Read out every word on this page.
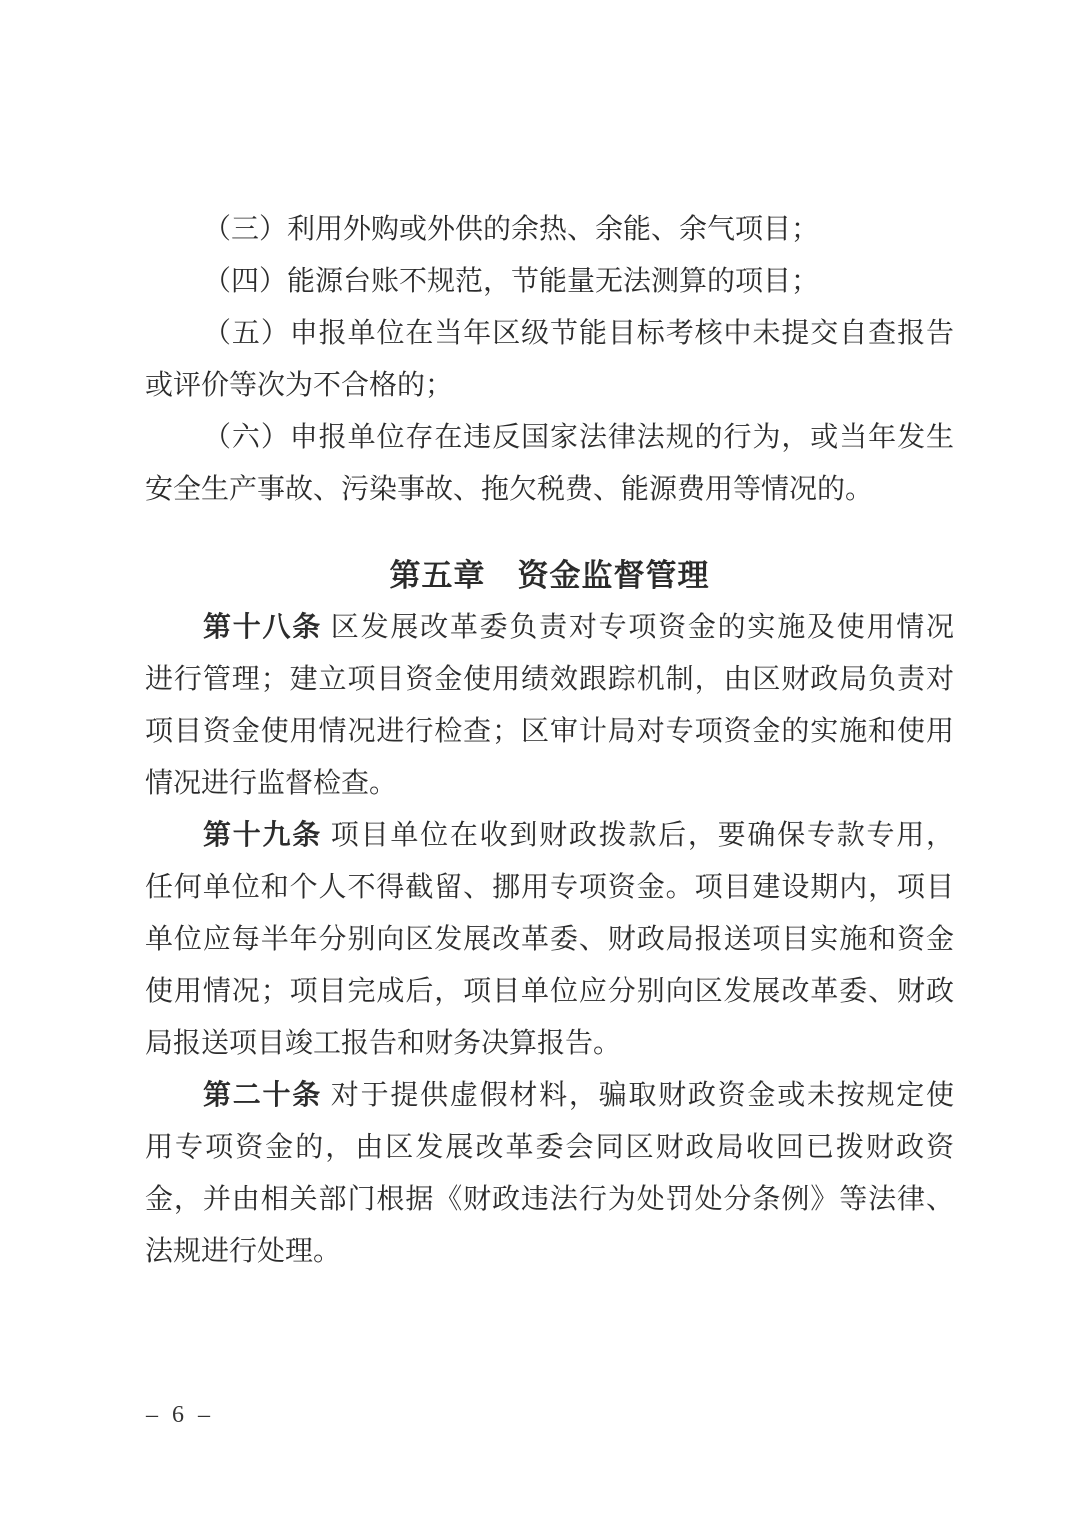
（三）利用外购或外供的余热、余能、余气项目；
（四）能源台账不规范，节能量无法测算的项目；
（五）申报单位在当年区级节能目标考核中未提交自查报告
或评价等次为不合格的；
（六）申报单位存在违反国家法律法规的行为，或当年发生
安全生产事故、污染事故、拖欠税费、能源费用等情况的。
第五章　资金监督管理
第十八条 区发展改革委负责对专项资金的实施及使用情况
进行管理；建立项目资金使用绩效跟踪机制，由区财政局负责对
项目资金使用情况进行检查；区审计局对专项资金的实施和使用
情况进行监督检查。
第十九条 项目单位在收到财政拨款后，要确保专款专用，
任何单位和个人不得截留、挪用专项资金。项目建设期内，项目
单位应每半年分别向区发展改革委、财政局报送项目实施和资金
使用情况；项目完成后，项目单位应分别向区发展改革委、财政
局报送项目竣工报告和财务决算报告。
第二十条 对于提供虚假材料，骗取财政资金或未按规定使
用专项资金的，由区发展改革委会同区财政局收回已拨财政资
金，并由相关部门根据《财政违法行为处罚处分条例》等法律、
法规进行处理。
– 6 –
